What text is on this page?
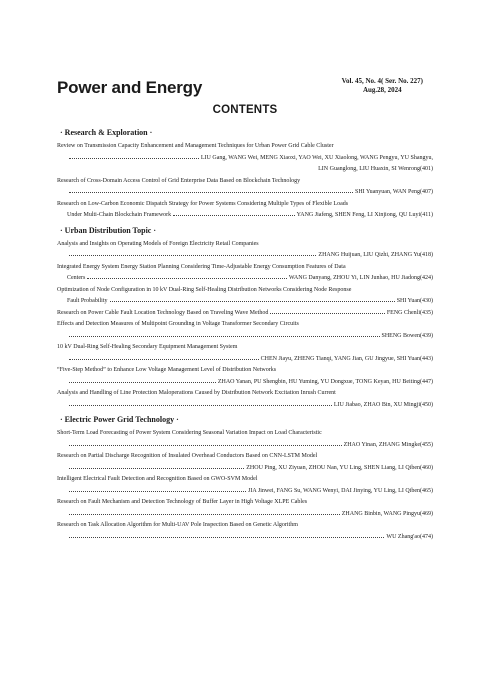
Power and Energy	Vol. 45, No. 4( Ser. No. 227)
Aug.28, 2024
CONTENTS
· Research & Exploration ·
Review on Transmission Capacity Enhancement and Management Techniques for Urban Power Grid Cable Cluster
LIU Gang, WANG Wei, MENG Xiaoxi, YAO Wei, XU Xiaolong, WANG Pengyu, YU Shangyu,
LIN Guanglong, LIU Huaxin, SI Wenrong(401)
Research of Cross-Domain Access Control of Grid Enterprise Data Based on Blockchain Technology
SHI Yuanyuan, WAN Peng(407)
Research on Low-Carbon Economic Dispatch Strategy for Power Systems Considering Multiple Types of Flexible Loads
Under Multi-Chain Blockchain Framework	YANG Jiafeng, SHEN Feng, LI Xinjiong, QU Luyi(411)
· Urban Distribution Topic ·
Analysis and Insights on Operating Models of Foreign Electricity Retail Companies
ZHANG Huijuan, LIU Qizhi, ZHANG Yu(418)
Integrated Energy System Energy Station Planning Considering Time-Adjustable Energy Consumption Features of Data
Centers	WANG Danyang, ZHOU Yi, LIN Junhao, HU Jiadong(424)
Optimization of Node Configuration in 10 kV Dual-Ring Self-Healing Distribution Networks Considering Node Response
Fault Probability	SHI Yuan(430)
Research on Power Cable Fault Location Technology Based on Traveling Wave Method	FENG Chenli(435)
Effects and Detection Measures of Multipoint Grounding in Voltage Transformer Secondary Circuits
SHENG Bowen(439)
10 kV Dual-Ring Self-Healing Secondary Equipment Management System
CHEN Jiayu, ZHENG Tianqi, YANG Jian, GU Jingyue, SHI Yuan(443)
“Five-Step Method” to Enhance Low Voltage Management Level of Distribution Networks
ZHAO Yanan, PU Shengbin, HU Yuming, YU Dongxue, TONG Keyan, HU Beiting(447)
Analysis and Handling of Line Protection Maloperations Caused by Distribution Network Excitation Inrush Current
LIU Jiabao, ZHAO Bin, XU Mingji(450)
· Electric Power Grid Technology ·
Short-Term Load Forecasting of Power System Considering Seasonal Variation Impact on Load Characteristic
ZHAO Yinan, ZHANG Mingke(455)
Research on Partial Discharge Recognition of Insulated Overhead Conductors Based on CNN-LSTM Model
ZHOU Ping, XU Ziyuan, ZHOU Nan, YU Ling, SHEN Liang, LI Qiben(460)
Intelligent Electrical Fault Detection and Recognition Based on GWO-SVM Model
JIA Jinwei, FANG Su, WANG Wenyi, DAI Jinying, YU Ling, LI Qiben(465)
Research on Fault Mechanism and Detection Technology of Buffer Layer in High Voltage XLPE Cables
ZHANG Binbin, WANG Pingyu(469)
Research on Task Allocation Algorithm for Multi-UAV Pole Inspection Based on Genetic Algorithm
WU Zhang'ao(474)
